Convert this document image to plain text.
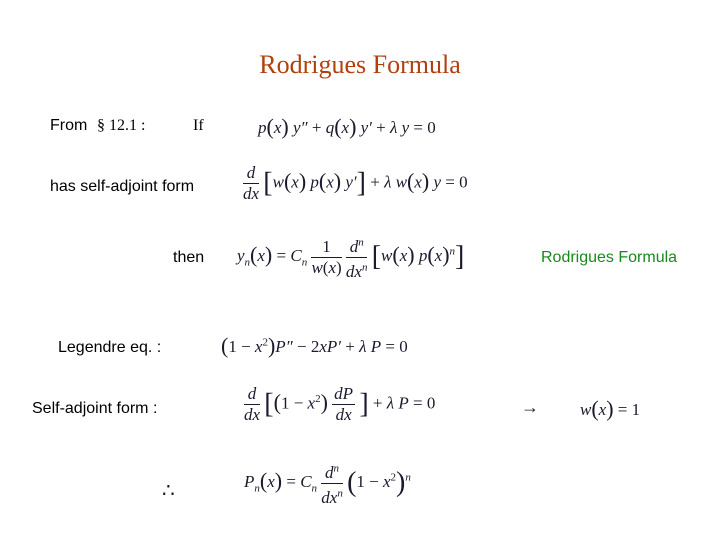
Rodrigues Formula
From § 12.1 :	If	p(x) y″ + q(x) y′ + λ y = 0
has self-adjoint form	$\frac{d}{dx} [w(x)$ p(x) y′] + λ w(x) y = 0
then $y_n(x) = C_n \frac{1}{w(x)}$
$\frac{d^n}{dx^n} [w(x)$ $p(x)^n$]	Rodrigues Formula
Legendre eq. :	$(1 - x^2)P'' - 2xP' + \lambda$ P = 0
Self-adjoint form :	$\frac{d}{dx} [(1 - x^2) \frac{dP}{dx}$ ] + λ P = 0	→ w(x) = 1
∴	$P_n(x) = C_n \frac{d^n}{dx^n} (1 - x^2)^n$
